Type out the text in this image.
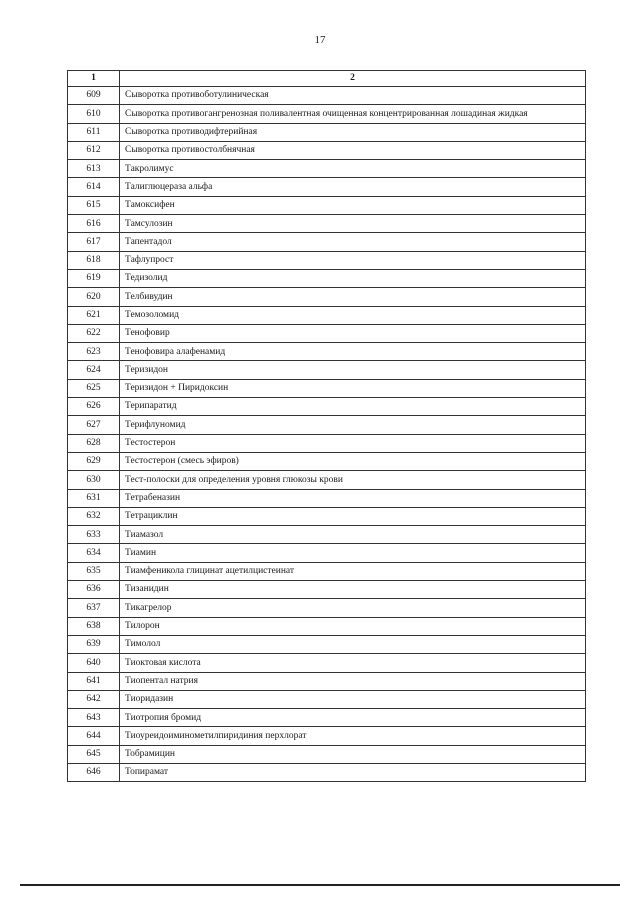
17
1	2
609	Сыворотка противоботулиническая
610	Сыворотка противогангренозная поливалентная очищенная концентрированная лошадиная жидкая
611	Сыворотка противодифтерийная
612	Сыворотка противостолбнячная
613	Такролимус
614	Талиглюцераза альфа
615	Тамоксифен
616	Тамсулозин
617	Тапентадол
618	Тафлупрост
619	Тедизолид
620	Телбивудин
621	Темозоломид
622	Тенофовир
623	Тенофовира алафенамид
624	Теризидон
625	Теризидон + Пиридоксин
626	Терипаратид
627	Терифлуномид
628	Тестостерон
629	Тестостерон (смесь эфиров)
630	Тест-полоски для определения уровня глюкозы крови
631	Тетрабеназин
632	Тетрациклин
633	Тиамазол
634	Тиамин
635	Тиамфеникола глицинат ацетилцистеинат
636	Тизанидин
637	Тикагрелор
638	Тилорон
639	Тимолол
640	Тиоктовая кислота
641	Тиопентал натрия
642	Тиоридазин
643	Тиотропия бромид
644	Тиоуреидоиминометилпиридиния перхлорат
645	Тобрамицин
646	Топирамат
